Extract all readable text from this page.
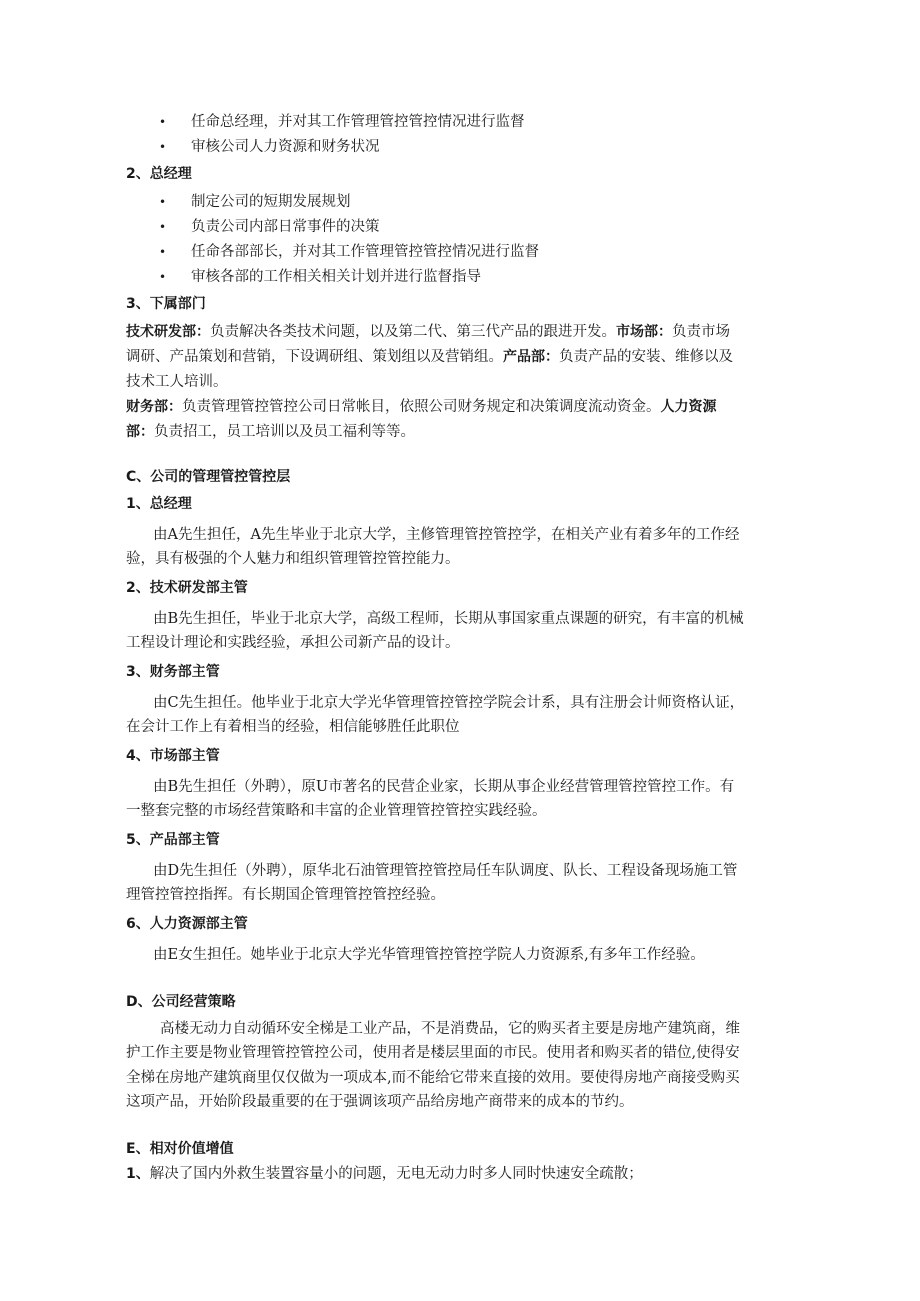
• 任命总经理，并对其工作管理管控管控情况进行监督
• 审核公司人力资源和财务状况
2、总经理
• 制定公司的短期发展规划
• 负责公司内部日常事件的决策
• 任命各部部长，并对其工作管理管控管控情况进行监督
• 审核各部的工作相关相关计划并进行监督指导
3、下属部门
技术研发部：负责解决各类技术问题，以及第二代、第三代产品的跟进开发。市场部：负责市场
调研、产品策划和营销，下设调研组、策划组以及营销组。产品部：负责产品的安装、维修以及
技术工人培训。
财务部：负责管理管控管控公司日常帐目，依照公司财务规定和决策调度流动资金。人力资源
部：负责招工，员工培训以及员工福利等等。
C、公司的管理管控管控层
1、总经理
由A先生担任，A先生毕业于北京大学，主修管理管控管控学，在相关产业有着多年的工作经
验，具有极强的个人魅力和组织管理管控管控能力。
2、技术研发部主管
由B先生担任，毕业于北京大学，高级工程师，长期从事国家重点课题的研究，有丰富的机械
工程设计理论和实践经验，承担公司新产品的设计。
3、财务部主管
由C先生担任。他毕业于北京大学光华管理管控管控学院会计系，具有注册会计师资格认证，
在会计工作上有着相当的经验，相信能够胜任此职位
4、市场部主管
由B先生担任（外聘），原U市著名的民营企业家，长期从事企业经营管理管控管控工作。有
一整套完整的市场经营策略和丰富的企业管理管控管控实践经验。
5、产品部主管
由D先生担任（外聘），原华北石油管理管控管控局任车队调度、队长、工程设备现场施工管
理管控管控指挥。有长期国企管理管控管控经验。
6、人力资源部主管
由E女生担任。她毕业于北京大学光华管理管控管控学院人力资源系,有多年工作经验。
D、公司经营策略
高楼无动力自动循环安全梯是工业产品，不是消费品，它的购买者主要是房地产建筑商，维
护工作主要是物业管理管控管控公司，使用者是楼层里面的市民。使用者和购买者的错位,使得安
全梯在房地产建筑商里仅仅做为一项成本,而不能给它带来直接的效用。要使得房地产商接受购买
这项产品，开始阶段最重要的在于强调该项产品给房地产商带来的成本的节约。
E、相对价值增值
1、解决了国内外救生装置容量小的问题，无电无动力时多人同时快速安全疏散；
